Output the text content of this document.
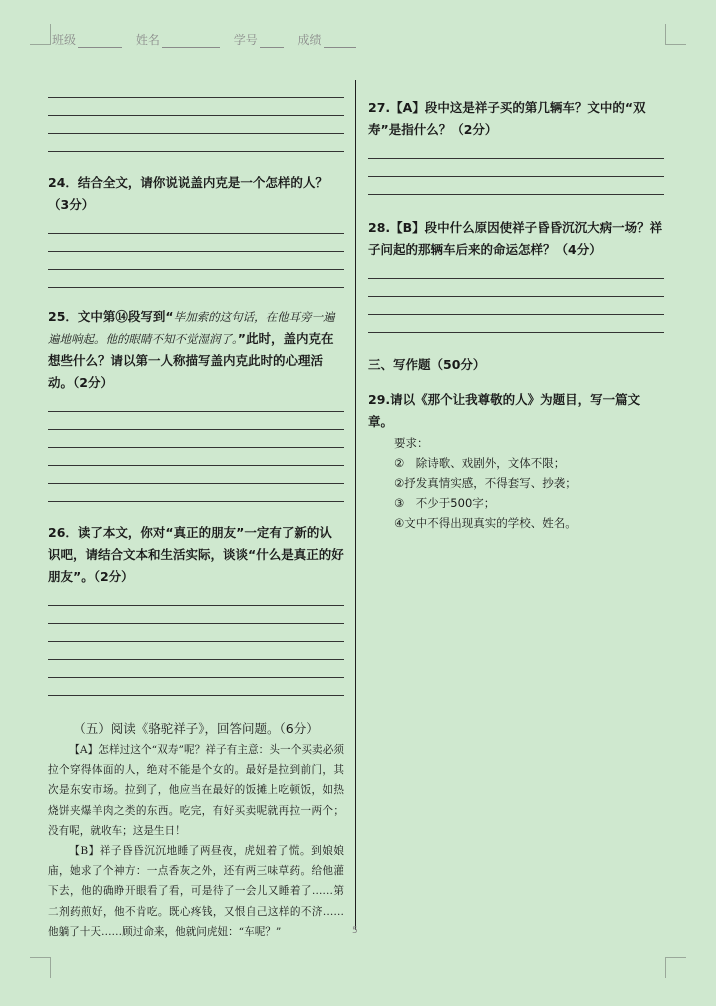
班级	姓名	学号	成绩

24．结合全文，请你说说盖内克是一个怎样的人？（3分）

25．文中第⑭段写到“毕加索的这句话，在他耳旁一遍遍地响起。他的眼睛不知不觉湿润了。”此时，盖内克在想些什么？请以第一人称描写盖内克此时的心理活动。（2分）

26．读了本文，你对“真正的朋友”一定有了新的认识吧，请结合文本和生活实际，谈谈“什么是真正的好朋友”。（2分）

（五）阅读《骆驼祥子》，回答问题。（6分）

【A】怎样过这个“双寿”呢？祥子有主意：头一个买卖必须拉个穿得体面的人，绝对不能是个女的。最好是拉到前门，其次是东安市场。拉到了，他应当在最好的饭摊上吃顿饭，如热烧饼夹爆羊肉之类的东西。吃完，有好买卖呢就再拉一两个；没有呢，就收车；这是生日！

【B】祥子昏昏沉沉地睡了两昼夜，虎妞着了慌。到娘娘庙，她求了个神方：一点香灰之外，还有两三味草药。给他灌下去，他的确睁开眼看了看，可是待了一会儿又睡着了……第二剂药煎好，他不肯吃。既心疼钱，又恨自己这样的不济……他躺了十天……顾过命来，他就问虎妞：“车呢？”

27.【A】段中这是祥子买的第几辆车？文中的“双寿”是指什么？（2分）

28.【B】段中什么原因使祥子昏昏沉沉大病一场？祥子问起的那辆车后来的命运怎样？（4分）

三、写作题（50分）

29.请以《那个让我尊敬的人》为题目，写一篇文章。

要求：
②　除诗歌、戏剧外，文体不限；
②抒发真情实感，不得套写、抄袭；
③　不少于500字；
④文中不得出现真实的学校、姓名。
5
